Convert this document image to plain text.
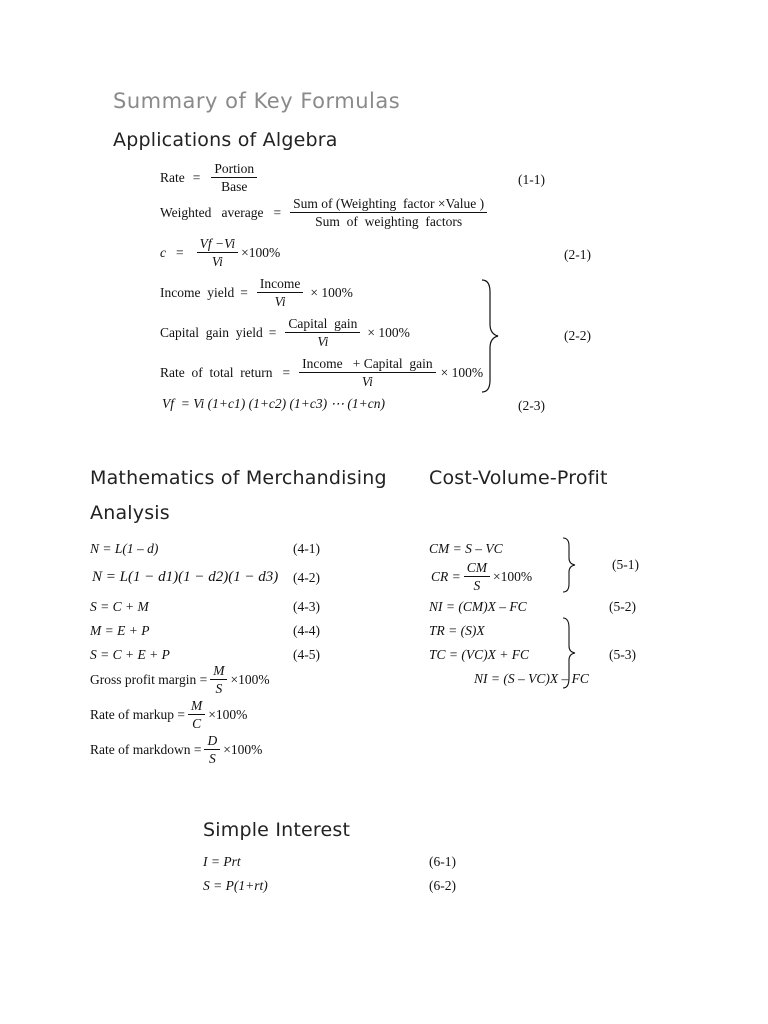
Summary of Key Formulas
Applications of Algebra
Rate = $\frac{\text{Portion}}{\text{Base}}$	(1-1)
Weighted   average = $\frac{\text{Sum of (Weighting  factor ×Value )}}{\text{Sum  of  weighting  factors}}$
$c = \frac{Vf -Vi}{Vi} \times 100\%$	(2-1)
Income  yield = $\frac{\text{Income}}{Vi} \times 100\%$
Capital  gain  yield = $\frac{\text{Capital  gain}}{Vi} \times 100\%$
Rate  of  total  return = $\frac{\text{Income   + Capital  gain}}{Vi} \times 100\%$
(2-2)
Vf  = Vi (1+c1) (1+c2) (1+c3) ⋯ (1+cn)	(2-3)
Mathematics of Merchandising
Analysis
N = L(1 – d)	(4-1)
N = L(1 − d1)(1 − d2)(1 − d3) (4-2)
S = C + M	(4-3)
M = E + P	(4-4)
S = C + E + P	(4-5)
Gross profit margin = $\frac{M}{S} \times 100\%$
Rate of markup = $\frac{M}{C} \times 100\%$
Rate of markdown = $\frac{D}{S} \times 100\%$
Cost-Volume-Profit
CM = S – VC
CR = $\frac{CM}{S} \times 100\%$
(5-1)
NI = (CM)X – FC	(5-2)
TR = (S)X
TC = (VC)X + FC
NI = (S – VC)X – FC
(5-3)
Simple Interest
I = Prt	(6-1)
S = P(1+rt)	(6-2)
